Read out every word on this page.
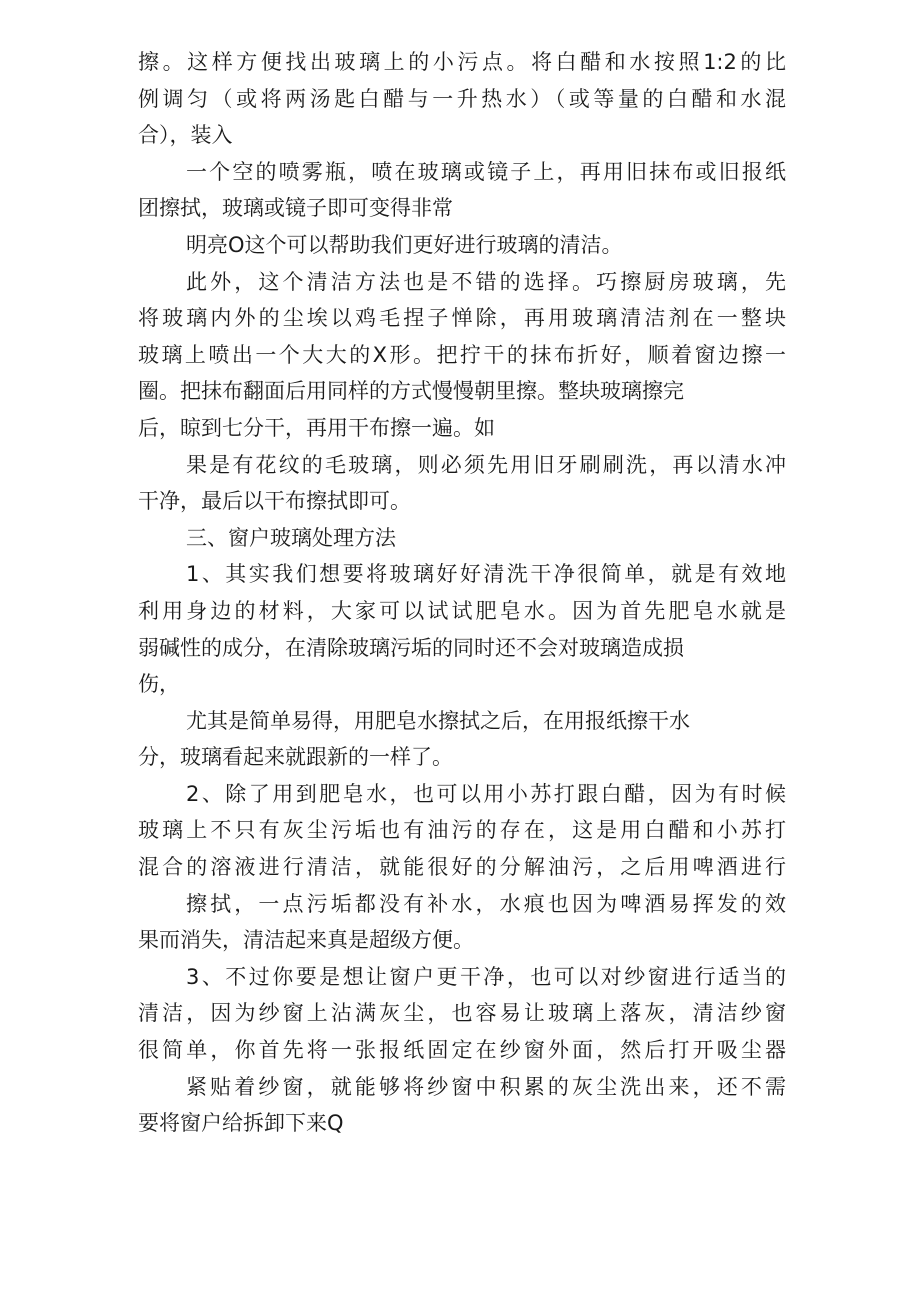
擦。这样方便找出玻璃上的小污点。将白醋和水按照1:2的比
例调匀（或将两汤匙白醋与一升热水）（或等量的白醋和水混
合），装入
一个空的喷雾瓶，喷在玻璃或镜子上，再用旧抹布或旧报纸
团擦拭，玻璃或镜子即可变得非常
明亮O这个可以帮助我们更好进行玻璃的清洁。
此外，这个清洁方法也是不错的选择。巧擦厨房玻璃，先
将玻璃内外的尘埃以鸡毛捏子惮除，再用玻璃清洁剂在一整块
玻璃上喷出一个大大的X形。把拧干的抹布折好，顺着窗边擦一
圈。把抹布翻面后用同样的方式慢慢朝里擦。整块玻璃擦完
后，晾到七分干，再用干布擦一遍。如
果是有花纹的毛玻璃，则必须先用旧牙刷刷洗，再以清水冲
干净，最后以干布擦拭即可。
三、窗户玻璃处理方法
1、其实我们想要将玻璃好好清洗干净很简单，就是有效地
利用身边的材料，大家可以试试肥皂水。因为首先肥皂水就是
弱碱性的成分，在清除玻璃污垢的同时还不会对玻璃造成损
伤，
尤其是简单易得，用肥皂水擦拭之后，在用报纸擦干水
分，玻璃看起来就跟新的一样了。
2、除了用到肥皂水，也可以用小苏打跟白醋，因为有时候
玻璃上不只有灰尘污垢也有油污的存在，这是用白醋和小苏打
混合的溶液进行清洁，就能很好的分解油污，之后用啤酒进行
擦拭，一点污垢都没有补水，水痕也因为啤酒易挥发的效
果而消失，清洁起来真是超级方便。
3、不过你要是想让窗户更干净，也可以对纱窗进行适当的
清洁，因为纱窗上沾满灰尘，也容易让玻璃上落灰，清洁纱窗
很简单，你首先将一张报纸固定在纱窗外面，然后打开吸尘器
紧贴着纱窗，就能够将纱窗中积累的灰尘洗出来，还不需
要将窗户给拆卸下来Q
